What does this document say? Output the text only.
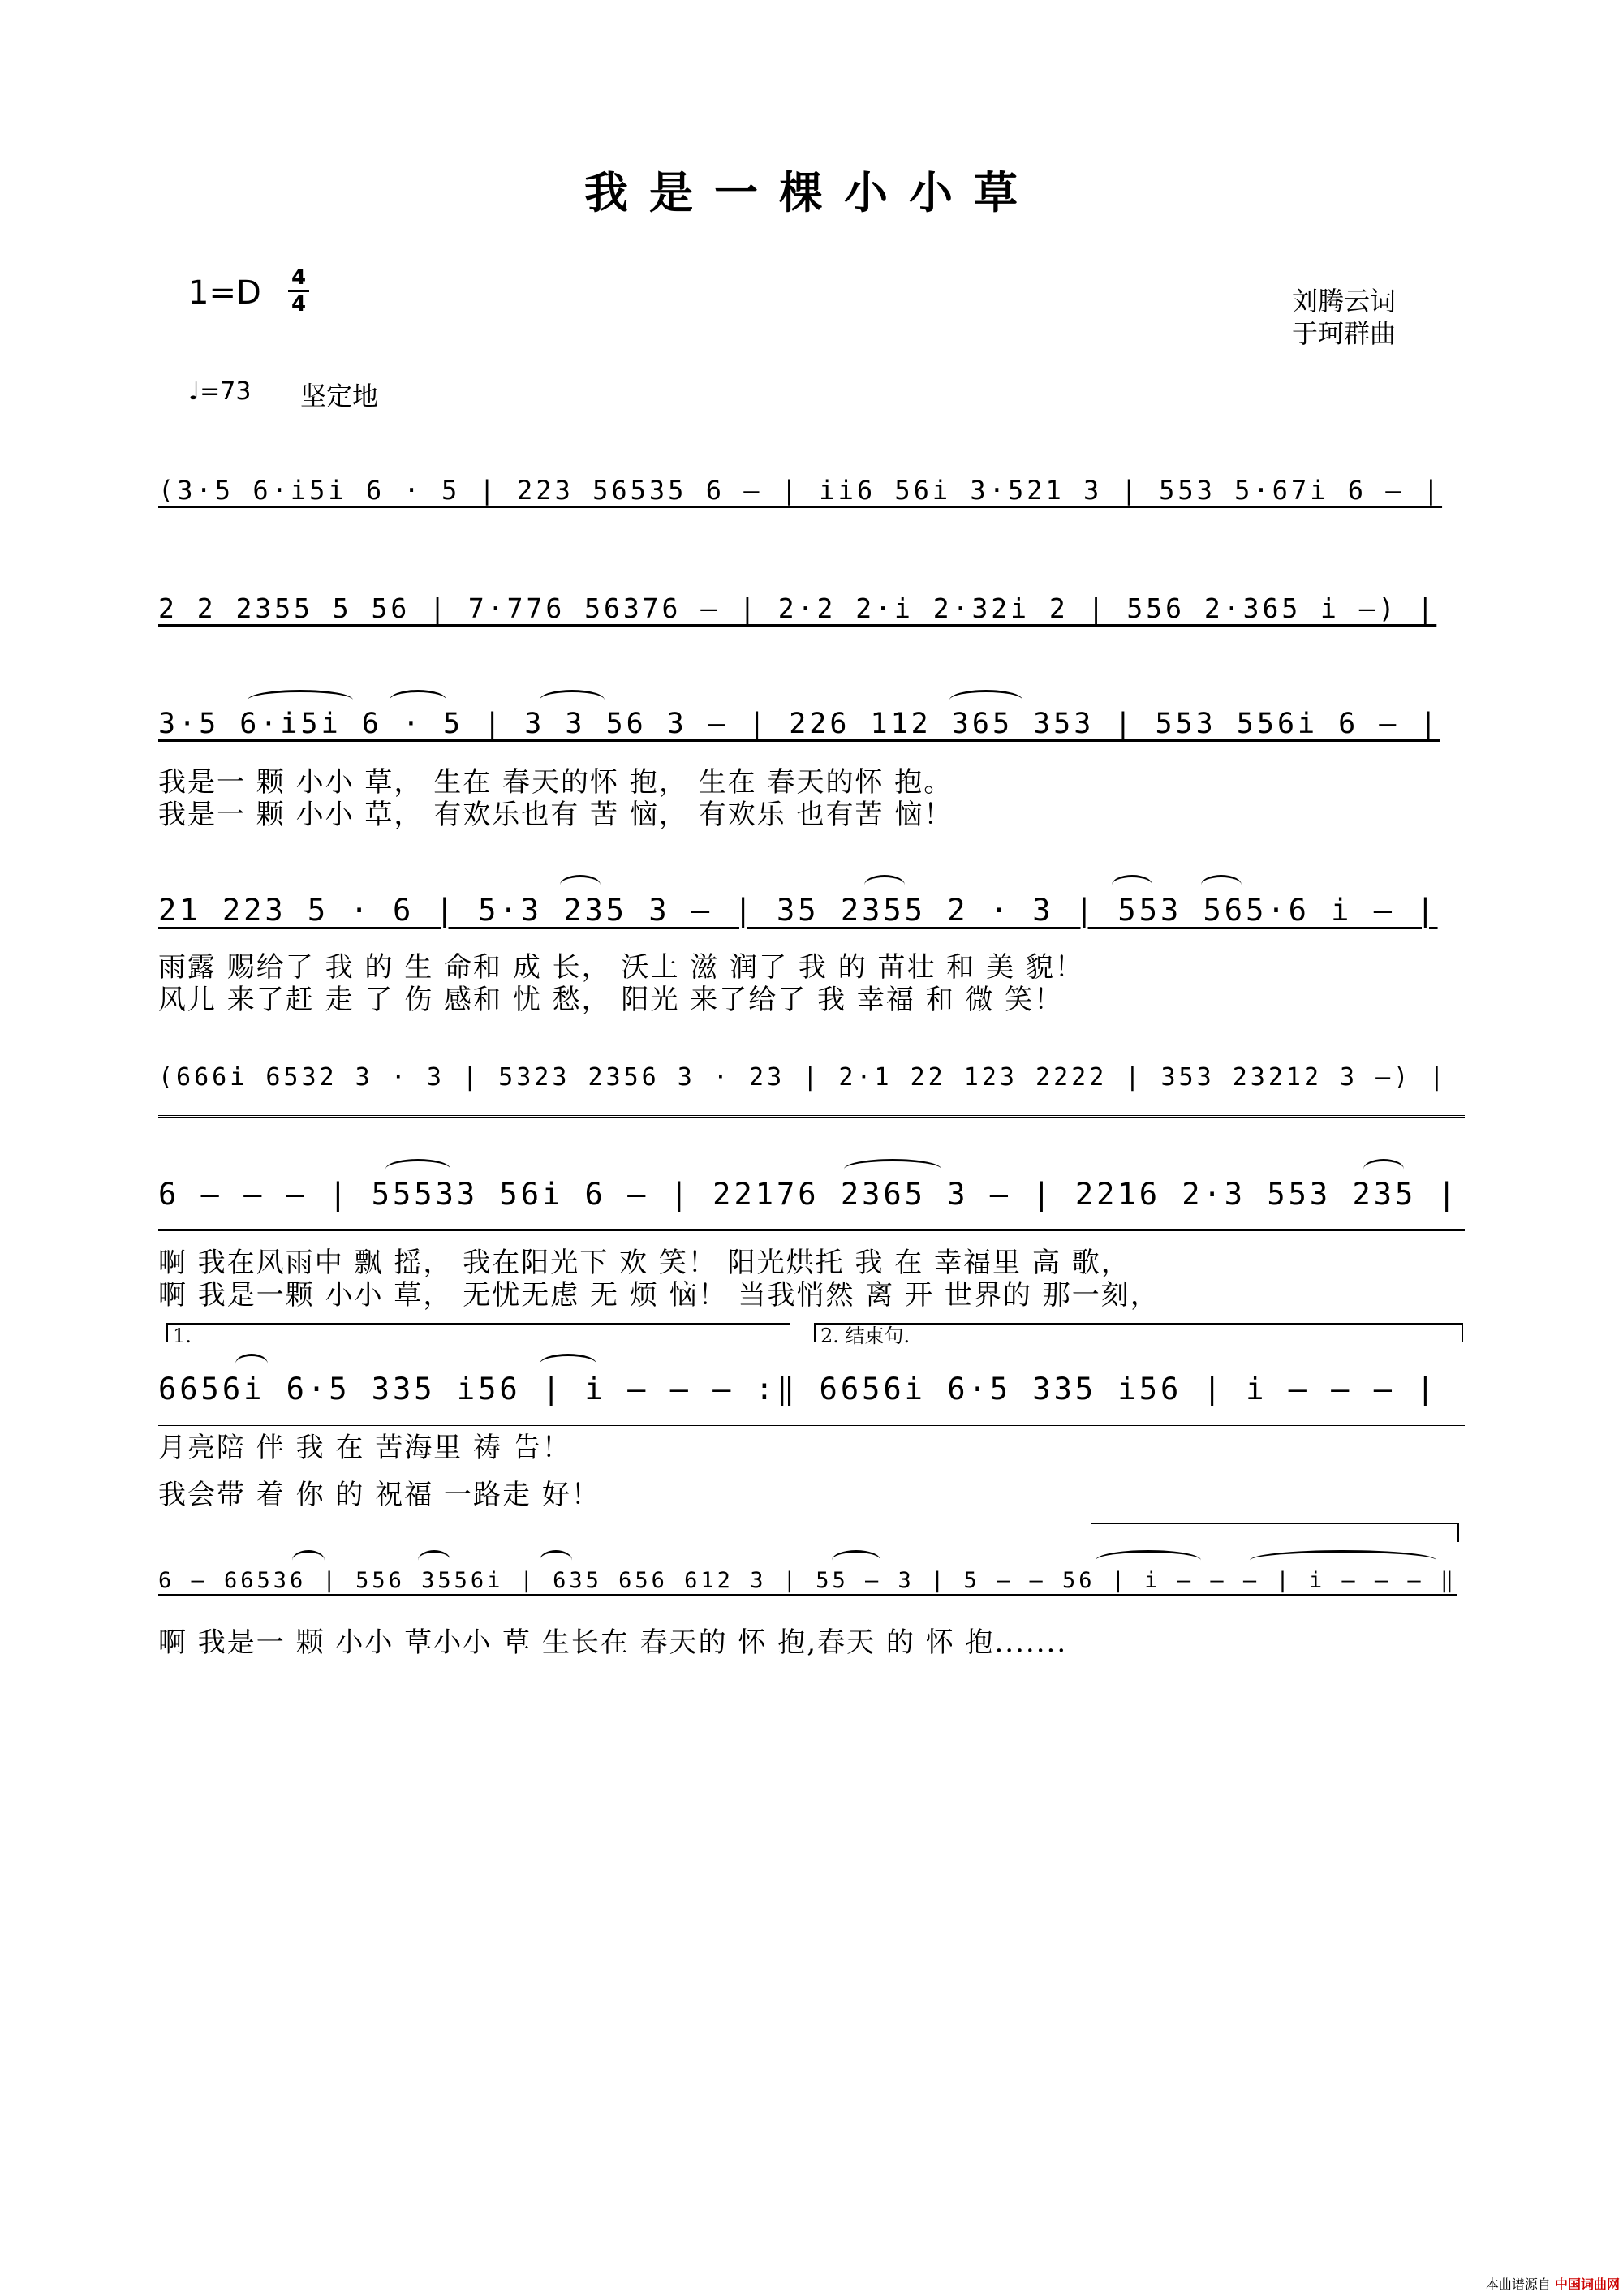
我是一棵小小草
1=D 4
4	刘腾云词
于珂群曲
♩=73 坚定地
(3·5 6·i5i 6 · 5 | 223 56535 6 – | ii6 56i 3·521 3 | 553 5·67i 6 – |
2 2 2355 5 56 | 7·776 56376 – | 2·2 2·i 2·32i 2 | 556 2·365 i –) |
3·5 6·i5i 6 · 5 | 3 3 56 3 – | 226 112 365 353 | 553 556i 6 – |
我是一 颗 小小 草， 生在 春天的怀 抱， 生在 春天的怀 抱。
我是一 颗 小小 草， 有欢乐也有 苦 恼， 有欢乐 也有苦 恼！
21 223 5 · 6 | 5·3 235 3 – | 35 2355 2 · 3 | 553 565·6 i – |
雨露 赐给了 我 的 生 命和 成 长， 沃土 滋 润了 我 的 苗壮 和 美 貌！
风儿 来了赶 走 了 伤 感和 忧 愁， 阳光 来了给了 我 幸福 和 微 笑！
(666i 6532 3 · 3 | 5323 2356 3 · 23 | 2·1 22 123 2222 | 353 23212 3 –) |
6 – – – | 55533 56i 6 – | 22176 2365 3 – | 2216 2·3 553 235 |
啊 我在风雨中 飘 摇， 我在阳光下 欢 笑！ 阳光烘托 我 在 幸福里 高 歌，
啊 我是一颗 小小 草， 无忧无虑 无 烦 恼！ 当我悄然 离 开 世界的 那一刻，
1.	2. 结束句.
6656i 6·5 335 i56 | i – – – :‖ 6656i 6·5 335 i56 | i – – – |
月亮陪 伴 我 在 苦海里 祷 告！
我会带 着 你 的 祝福 一路走 好！
6 – 66536 | 556 3556i | 635 656 612 3 | 55 – 3 | 5 – – 56 | i – – – | i – – – ‖
啊 我是一 颗 小小 草小小 草 生长在 春天的 怀 抱,春天 的 怀 抱.......
本曲谱源自 中国词曲网
